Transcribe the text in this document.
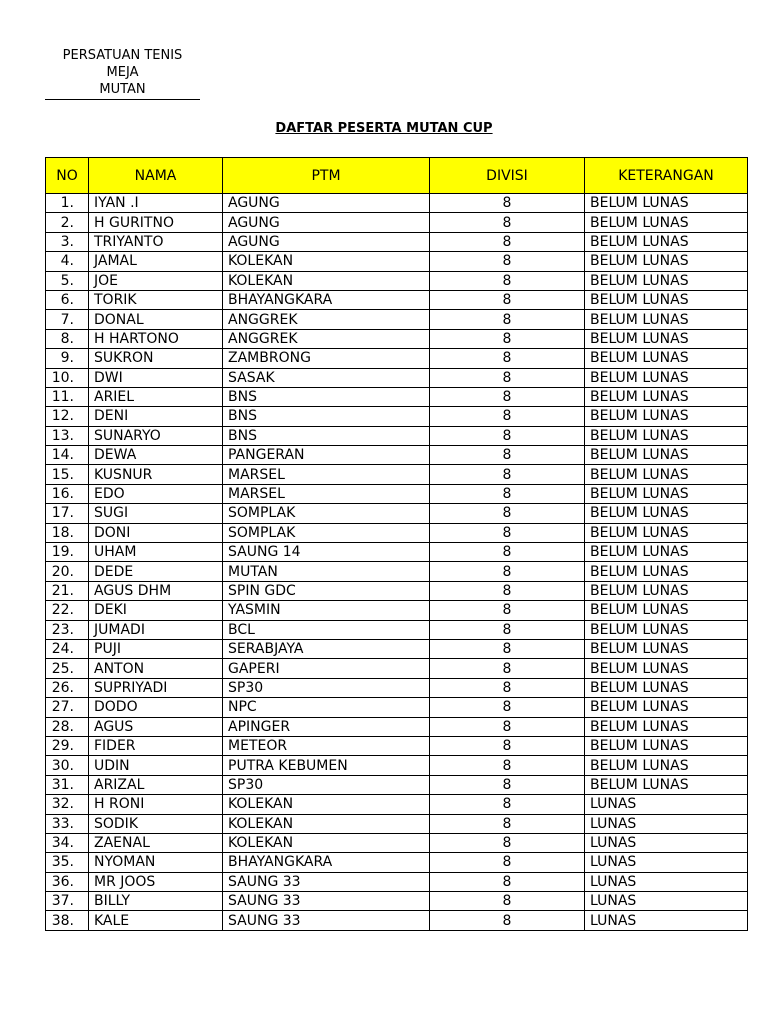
PERSATUAN TENIS MEJA

MUTAN
DAFTAR PESERTA MUTAN CUP
NO	NAMA	PTM	DIVISI	KETERANGAN
1.	IYAN .I	AGUNG	8	BELUM LUNAS
2.	H GURITNO	AGUNG	8	BELUM LUNAS
3.	TRIYANTO	AGUNG	8	BELUM LUNAS
4.	JAMAL	KOLEKAN	8	BELUM LUNAS
5.	JOE	KOLEKAN	8	BELUM LUNAS
6.	TORIK	BHAYANGKARA	8	BELUM LUNAS
7.	DONAL	ANGGREK	8	BELUM LUNAS
8.	H HARTONO	ANGGREK	8	BELUM LUNAS
9.	SUKRON	ZAMBRONG	8	BELUM LUNAS
10.	DWI	SASAK	8	BELUM LUNAS
11.	ARIEL	BNS	8	BELUM LUNAS
12.	DENI	BNS	8	BELUM LUNAS
13.	SUNARYO	BNS	8	BELUM LUNAS
14.	DEWA	PANGERAN	8	BELUM LUNAS
15.	KUSNUR	MARSEL	8	BELUM LUNAS
16.	EDO	MARSEL	8	BELUM LUNAS
17.	SUGI	SOMPLAK	8	BELUM LUNAS
18.	DONI	SOMPLAK	8	BELUM LUNAS
19.	UHAM	SAUNG 14	8	BELUM LUNAS
20.	DEDE	MUTAN	8	BELUM LUNAS
21.	AGUS DHM	SPIN GDC	8	BELUM LUNAS
22.	DEKI	YASMIN	8	BELUM LUNAS
23.	JUMADI	BCL	8	BELUM LUNAS
24.	PUJI	SERABJAYA	8	BELUM LUNAS
25.	ANTON	GAPERI	8	BELUM LUNAS
26.	SUPRIYADI	SP30	8	BELUM LUNAS
27.	DODO	NPC	8	BELUM LUNAS
28.	AGUS	APINGER	8	BELUM LUNAS
29.	FIDER	METEOR	8	BELUM LUNAS
30.	UDIN	PUTRA KEBUMEN	8	BELUM LUNAS
31.	ARIZAL	SP30	8	BELUM LUNAS
32.	H RONI	KOLEKAN	8	LUNAS
33.	SODIK	KOLEKAN	8	LUNAS
34.	ZAENAL	KOLEKAN	8	LUNAS
35.	NYOMAN	BHAYANGKARA	8	LUNAS
36.	MR JOOS	SAUNG 33	8	LUNAS
37.	BILLY	SAUNG 33	8	LUNAS
38.	KALE	SAUNG 33	8	LUNAS
